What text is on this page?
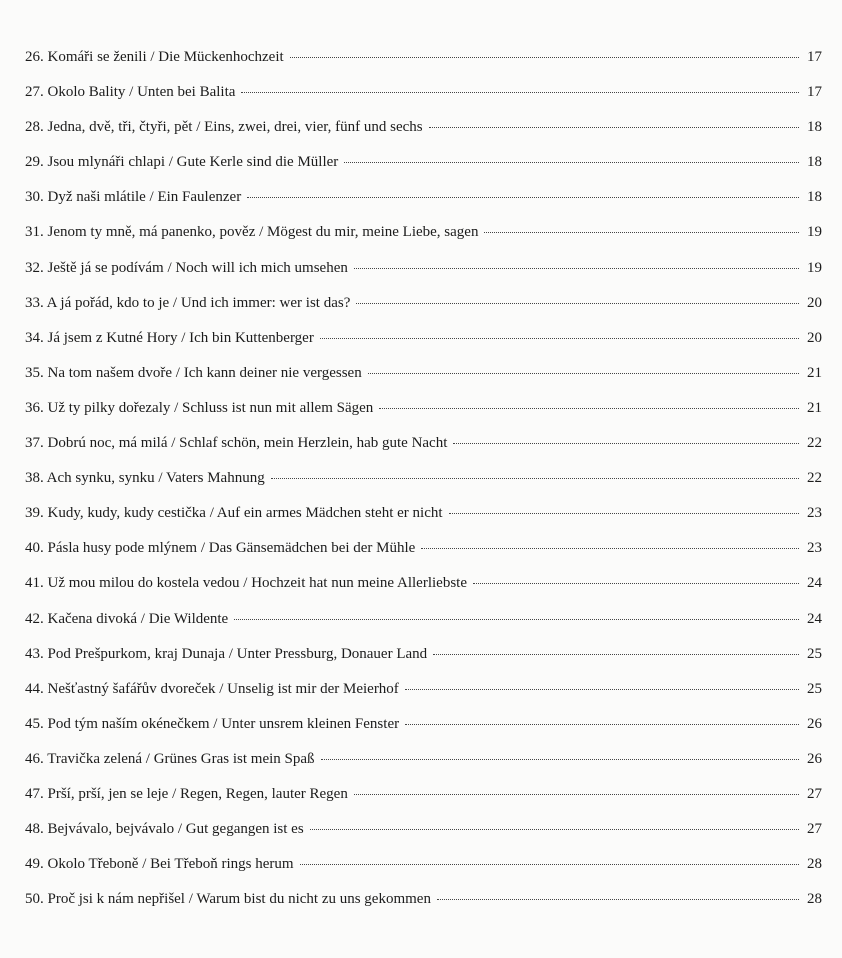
26. Komáři se ženili / Die Mückenhochzeit	17
27. Okolo Bality / Unten bei Balita	17
28. Jedna, dvě, tři, čtyři, pět / Eins, zwei, drei, vier, fünf und sechs	18
29. Jsou mlynáři chlapi / Gute Kerle sind die Müller	18
30. Dyž naši mlátile / Ein Faulenzer	18
31. Jenom ty mně, má panenko, pověz / Mögest du mir, meine Liebe, sagen	19
32. Ještě já se podívám / Noch will ich mich umsehen	19
33. A já pořád, kdo to je / Und ich immer: wer ist das?	20
34. Já jsem z Kutné Hory / Ich bin Kuttenberger	20
35. Na tom našem dvoře / Ich kann deiner nie vergessen	21
36. Už ty pilky dořezaly / Schluss ist nun mit allem Sägen	21
37. Dobrú noc, má milá / Schlaf schön, mein Herzlein, hab gute Nacht	22
38. Ach synku, synku / Vaters Mahnung	22
39. Kudy, kudy, kudy cestička / Auf ein armes Mädchen steht er nicht	23
40. Pásla husy pode mlýnem / Das Gänsemädchen bei der Mühle	23
41. Už mou milou do kostela vedou / Hochzeit hat nun meine Allerliebste	24
42. Kačena divoká / Die Wildente	24
43. Pod Prešpurkom, kraj Dunaja / Unter Pressburg, Donauer Land	25
44. Nešťastný šafářův dvoreček / Unselig ist mir der Meierhof	25
45. Pod tým naším okénečkem / Unter unsrem kleinen Fenster	26
46. Travička zelená / Grünes Gras ist mein Spaß	26
47. Prší, prší, jen se leje / Regen, Regen, lauter Regen	27
48. Bejvávalo, bejvávalo / Gut gegangen ist es	27
49. Okolo Třeboně / Bei Třeboň rings herum	28
50. Proč jsi k nám nepřišel / Warum bist du nicht zu uns gekommen	28
